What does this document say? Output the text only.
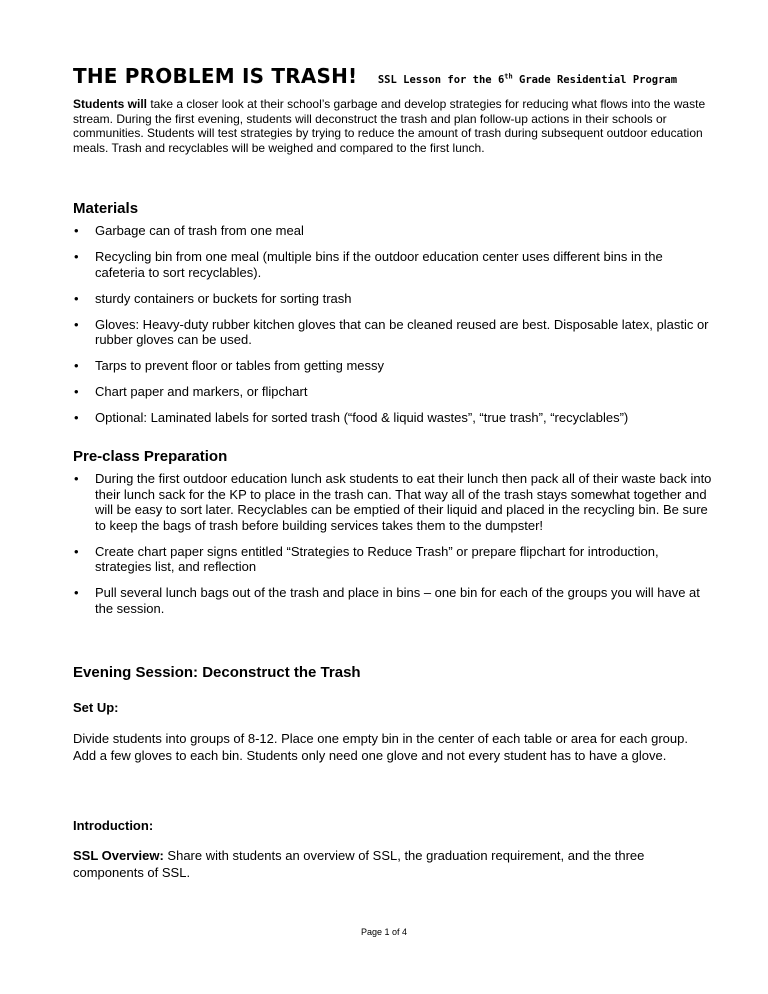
THE PROBLEM IS TRASH! SSL Lesson for the 6th Grade Residential Program
Students will take a closer look at their school’s garbage and develop strategies for reducing what flows into the waste stream. During the first evening, students will deconstruct the trash and plan follow-up actions in their schools or communities. Students will test strategies by trying to reduce the amount of trash during subsequent outdoor education meals. Trash and recyclables will be weighed and compared to the first lunch.
Materials
• Garbage can of trash from one meal
• Recycling bin from one meal (multiple bins if the outdoor education center uses different bins in the cafeteria to sort recyclables).
• sturdy containers or buckets for sorting trash
• Gloves: Heavy-duty rubber kitchen gloves that can be cleaned reused are best. Disposable latex, plastic or rubber gloves can be used.
• Tarps to prevent floor or tables from getting messy
• Chart paper and markers, or flipchart
• Optional: Laminated labels for sorted trash (“food & liquid wastes”, “true trash”, “recyclables”)
Pre-class Preparation
• During the first outdoor education lunch ask students to eat their lunch then pack all of their waste back into their lunch sack for the KP to place in the trash can. That way all of the trash stays somewhat together and will be easy to sort later. Recyclables can be emptied of their liquid and placed in the recycling bin. Be sure to keep the bags of trash before building services takes them to the dumpster!
• Create chart paper signs entitled “Strategies to Reduce Trash” or prepare flipchart for introduction, strategies list, and reflection
• Pull several lunch bags out of the trash and place in bins – one bin for each of the groups you will have at the session.
Evening Session: Deconstruct the Trash
Set Up:

Divide students into groups of 8-12. Place one empty bin in the center of each table or area for each group. Add a few gloves to each bin. Students only need one glove and not every student has to have a glove.

Introduction:

SSL Overview: Share with students an overview of SSL, the graduation requirement, and the three components of SSL.

Page 1 of 4
